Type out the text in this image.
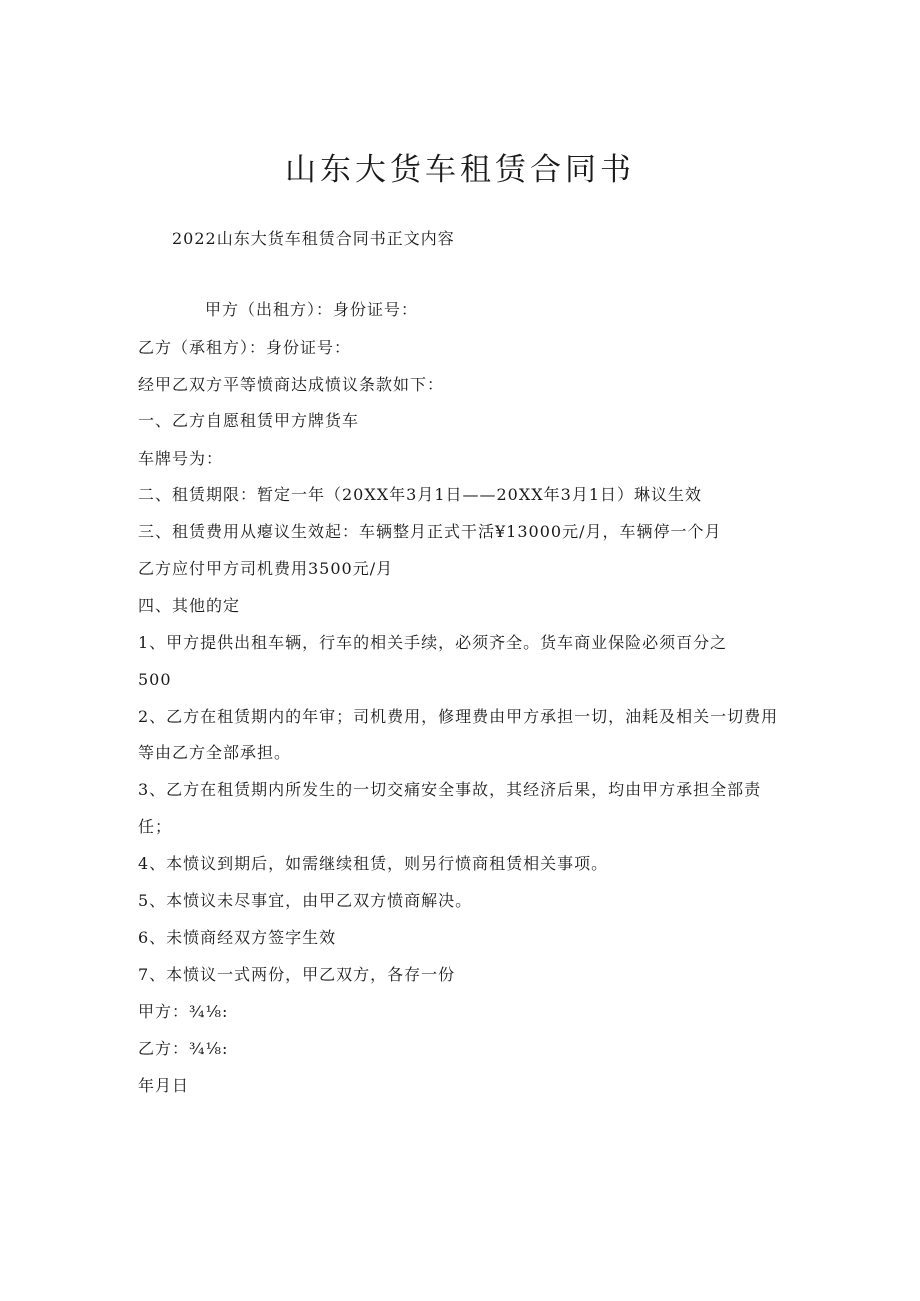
山东大货车租赁合同书

2022山东大货车租赁合同书正文内容

甲方（出租方）：身份证号：

乙方（承租方）：身份证号：

经甲乙双方平等愤商达成愤议条款如下：

一、乙方自愿租赁甲方牌货车

车牌号为：

二、租赁期限：暂定一年（20XX年3月1日——20XX年3月1日）琳议生效

三、租赁费用从瘪议生效起：车辆整月正式干活¥13000元/月，车辆停一个月

乙方应付甲方司机费用3500元/月

四、其他的定

1、甲方提供出租车辆，行车的相关手续，必须齐全。货车商业保险必须百分之

500

2、乙方在租赁期内的年审；司机费用，修理费由甲方承担一切，油耗及相关一切费用

等由乙方全部承担。

3、乙方在租赁期内所发生的一切交痛安全事故，其经济后果，均由甲方承担全部责

任；

4、本愤议到期后，如需继续租赁，则另行愤商租赁相关事项。

5、本愤议未尽事宜，由甲乙双方愤商解决。

6、未愤商经双方签字生效

7、本愤议一式两份，甲乙双方，各存一份

甲方：¾⅛:

乙方：¾⅛:

年月日
